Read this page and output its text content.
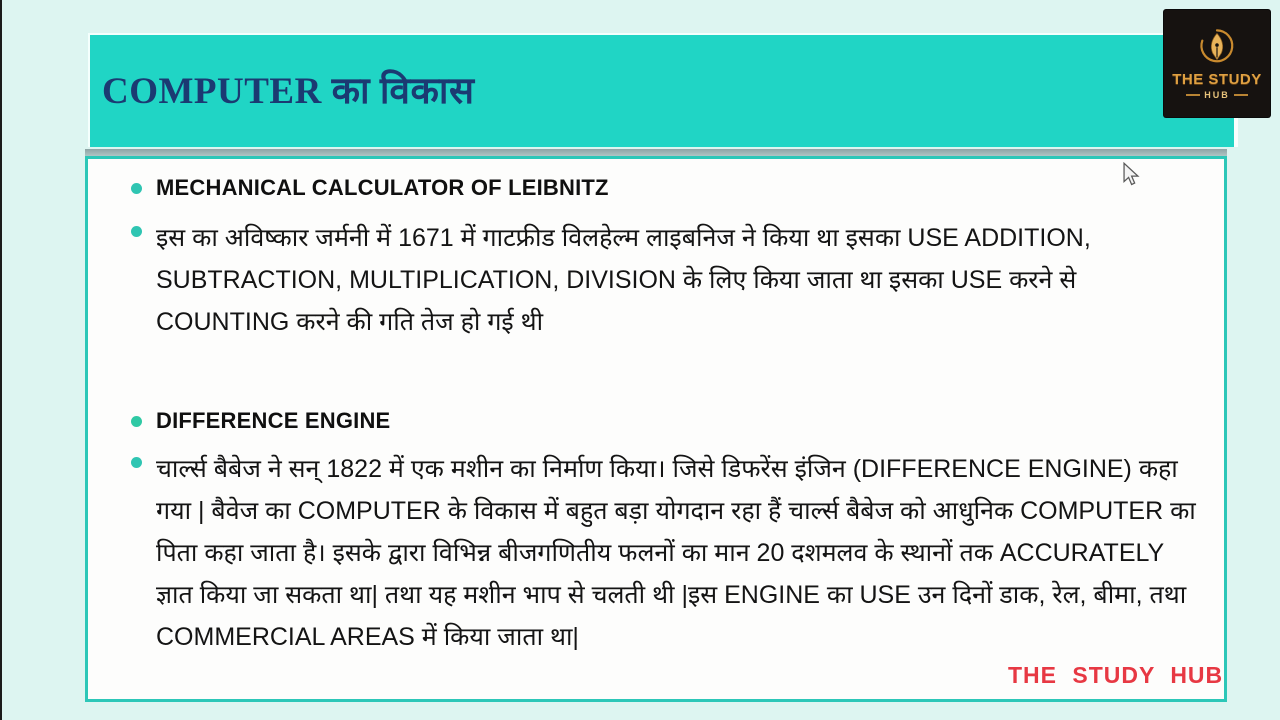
COMPUTER का विकास
MECHANICAL CALCULATOR OF LEIBNITZ
इस का अविष्कार जर्मनी में 1671 में गाटफ्रीड विलहेल्म लाइबनिज ने किया था इसका USE ADDITION, SUBTRACTION, MULTIPLICATION, DIVISION के लिए किया जाता था इसका USE करने से COUNTING करने की गति तेज हो गई थी
DIFFERENCE ENGINE
चार्ल्स बैबेज ने सन् 1822 में एक मशीन का निर्माण किया। जिसे डिफरेंस इंजिन (DIFFERENCE ENGINE) कहा गया | बैवेज का COMPUTER के विकास में बहुत बड़ा योगदान रहा हैं चार्ल्स बैबेज को आधुनिक COMPUTER का पिता कहा जाता है। इसके द्वारा विभिन्न बीजगणितीय फलनों का मान 20 दशमलव के स्थानों तक ACCURATELY ज्ञात किया जा सकता था| तथा यह मशीन भाप से चलती थी |इस ENGINE का USE उन दिनों डाक, रेल, बीमा, तथा COMMERCIAL AREAS में किया जाता था|
THE STUDY
HUB
THE STUDY HUB
